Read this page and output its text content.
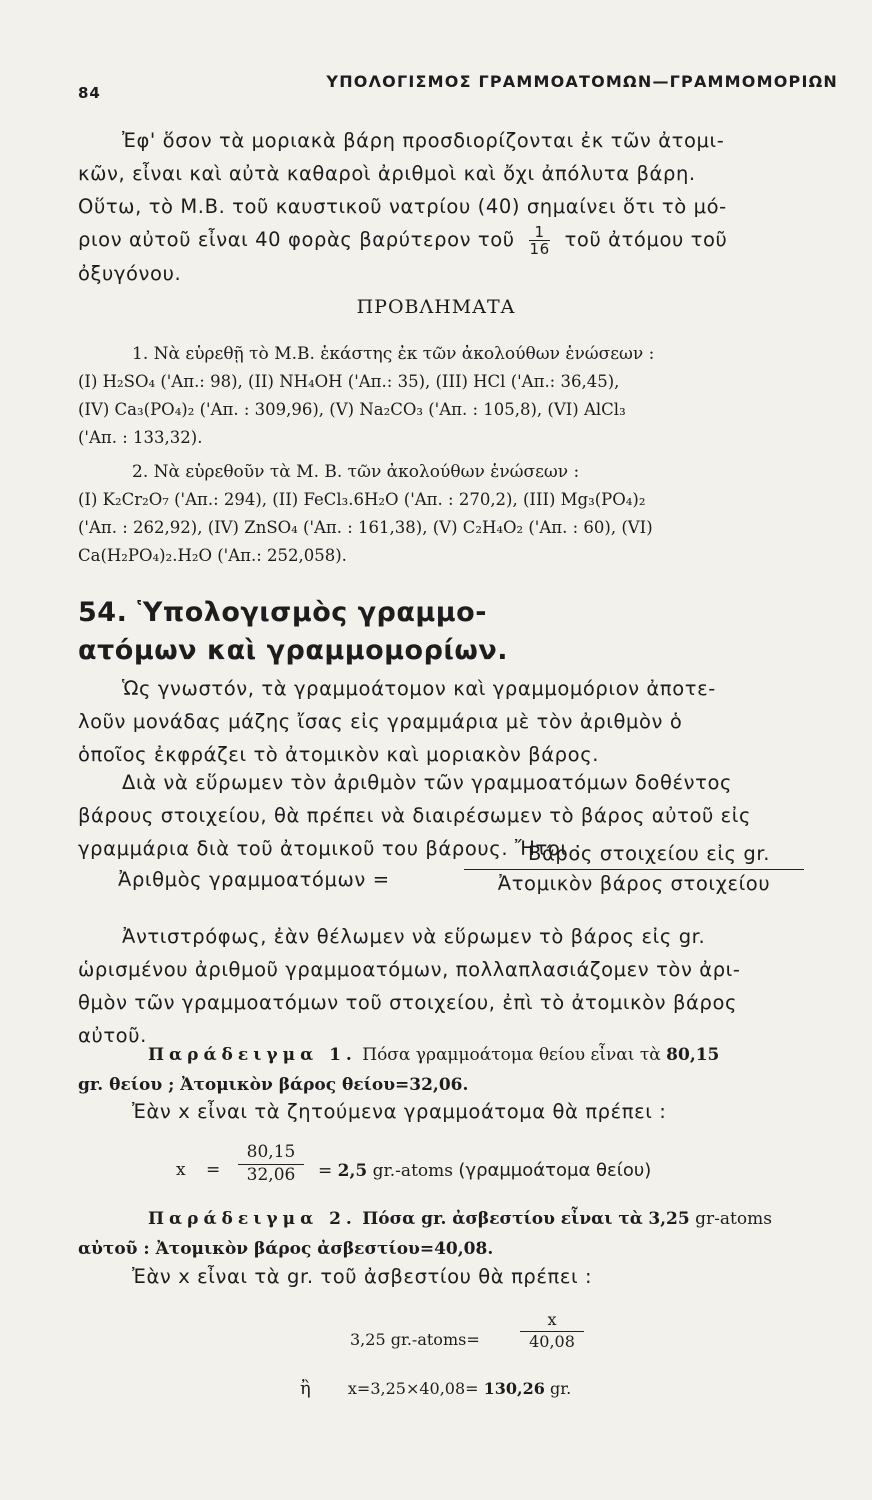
84
ΥΠΟΛΟΓΙΣΜΟΣ ΓΡΑΜΜΟΑΤΟΜΩΝ—ΓΡΑΜΜΟΜΟΡΙΩΝ
Ἐφ' ὅσον τὰ μοριακὰ βάρη προσδιορίζονται ἐκ τῶν ἀτομι-
κῶν, εἶναι καὶ αὐτὰ καθαροὶ ἀριθμοὶ καὶ ὄχι ἀπόλυτα βάρη.
Οὕτω, τὸ Μ.Β. τοῦ καυστικοῦ νατρίου (40) σημαίνει ὅτι τὸ μό-
ριον αὐτοῦ εἶναι 40 φορὰς βαρύτερον τοῦ $\frac{1}{16}$ τοῦ ἀτόμου τοῦ
ὀξυγόνου.
ΠΡΟΒΛΗΜΑΤΑ
1. Νὰ εὑρεθῇ τὸ Μ.Β. ἑκάστης ἐκ τῶν ἀκολούθων ἑνώσεων :
(I) H₂SO₄ ('Aπ.: 98), (II) NH₄OH ('Aπ.: 35), (III) HCl ('Aπ.: 36,45),
(IV) Ca₃(PO₄)₂ ('Aπ. : 309,96), (V) Na₂CO₃ ('Aπ. : 105,8), (VI) AlCl₃
('Aπ. : 133,32).
2. Νὰ εὑρεθοῦν τὰ Μ. Β. τῶν ἀκολούθων ἑνώσεων :
(I) K₂Cr₂O₇ ('Aπ.: 294), (II) FeCl₃.6H₂O ('Aπ. : 270,2), (III) Mg₃(PO₄)₂
('Aπ. : 262,92), (IV) ZnSO₄ ('Aπ. : 161,38), (V) C₂H₄O₂ ('Aπ. : 60), (VI)
Ca(H₂PO₄)₂.H₂O ('Aπ.: 252,058).
54. Ὑπολογισμὸς γραμμο-
ατόμων καὶ γραμμομορίων.
Ὡς γνωστόν, τὰ γραμμοάτομον καὶ γραμμομόριον ἀποτε-
λοῦν μονάδας μάζης ἴσας εἰς γραμμάρια μὲ τὸν ἀριθμὸν ὁ
ὁποῖος ἐκφράζει τὸ ἀτομικὸν καὶ μοριακὸν βάρος.
Διὰ νὰ εὕρωμεν τὸν ἀριθμὸν τῶν γραμμοατόμων δοθέντος
βάρους στοιχείου, θὰ πρέπει νὰ διαιρέσωμεν τὸ βάρος αὐτοῦ εἰς
γραμμάρια διὰ τοῦ ἀτομικοῦ του βάρους. Ἤτοι :
Ἀριθμὸς γραμμοατόμων =
Βάρος στοιχείου εἰς gr.
Ἀτομικὸν βάρος στοιχείου
Ἀντιστρόφως, ἐὰν θέλωμεν νὰ εὕρωμεν τὸ βάρος εἰς gr.
ὡρισμένου ἀριθμοῦ γραμμοατόμων, πολλαπλασιάζομεν τὸν ἀρι-
θμὸν τῶν γραμμοατόμων τοῦ στοιχείου, ἐπὶ τὸ ἀτομικὸν βάρος
αὐτοῦ.
Παράδειγμα 1. Πόσα γραμμοάτομα θείου εἶναι τὰ 80,15
gr. θείου ; Ἀτομικὸν βάρος θείου=32,06.
Ἐὰν x εἶναι τὰ ζητούμενα γραμμοάτομα θὰ πρέπει :
$x = \frac{80,15}{32,06} = 2,5$ gr.-atoms (γραμμοάτομα θείου)
Παράδειγμα 2. Πόσα gr. ἀσβεστίου εἶναι τὰ 3,25 gr-atoms
αὐτοῦ : Ἀτομικὸν βάρος ἀσβεστίου=40,08.
Ἐὰν x εἶναι τὰ gr. τοῦ ἀσβεστίου θὰ πρέπει :
3,25 gr.-atoms=	$\frac{x}{40,08}$
ἢ x=3,25×40,08= 130,26 gr.
